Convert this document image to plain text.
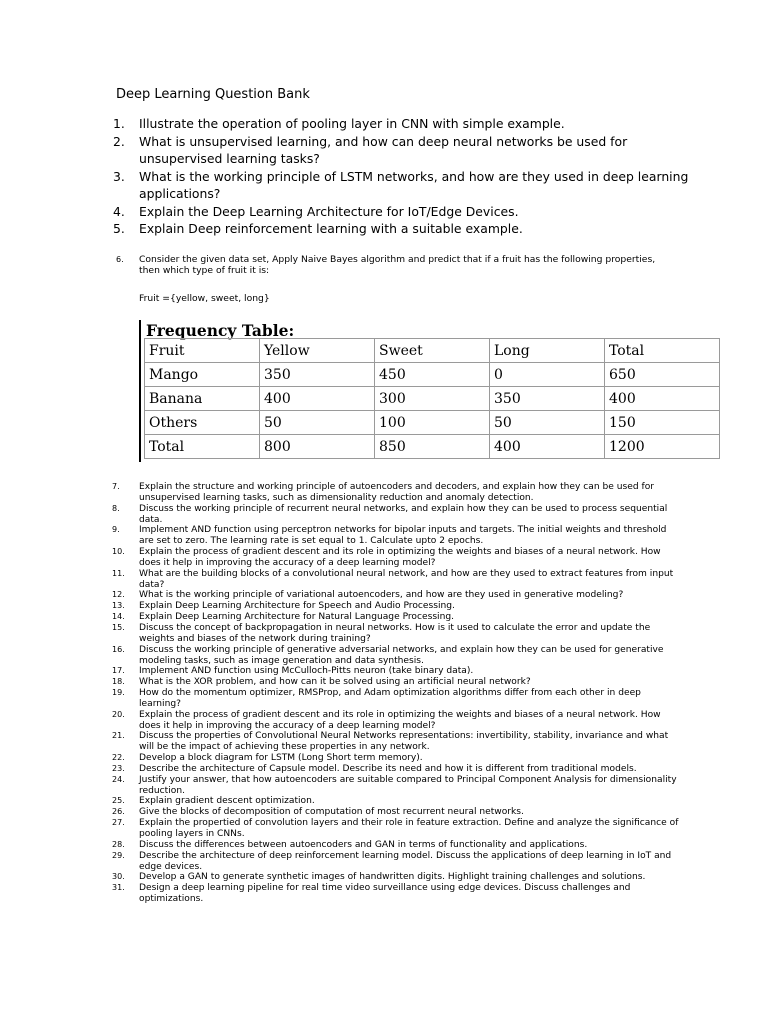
Deep Learning Question Bank
1.	Illustrate the operation of pooling layer in CNN with simple example.
2.	What is unsupervised learning, and how can deep neural networks be used for unsupervised learning tasks?
3.	What is the working principle of LSTM networks, and how are they used in deep learning applications?
4.	Explain the Deep Learning Architecture for IoT/Edge Devices.
5.	Explain Deep reinforcement learning with a suitable example.
6.	Consider the given data set, Apply Naive Bayes algorithm and predict that if a fruit has the following properties, then which type of fruit it is:
Fruit ={yellow, sweet, long}
Frequency Table:
Fruit	Yellow	Sweet	Long	Total
Mango	350	450	0	650
Banana	400	300	350	400
Others	50	100	50	150
Total	800	850	400	1200
7.	Explain the structure and working principle of autoencoders and decoders, and explain how they can be used for unsupervised learning tasks, such as dimensionality reduction and anomaly detection.
8.	Discuss the working principle of recurrent neural networks, and explain how they can be used to process sequential data.
9.	Implement AND function using perceptron networks for bipolar inputs and targets. The initial weights and threshold are set to zero. The learning rate is set equal to 1. Calculate upto 2 epochs.
10.	Explain the process of gradient descent and its role in optimizing the weights and biases of a neural network. How does it help in improving the accuracy of a deep learning model?
11.	What are the building blocks of a convolutional neural network, and how are they used to extract features from input data?
12.	What is the working principle of variational autoencoders, and how are they used in generative modeling?
13.	Explain Deep Learning Architecture for Speech and Audio Processing.
14.	Explain Deep Learning Architecture for Natural Language Processing.
15.	Discuss the concept of backpropagation in neural networks. How is it used to calculate the error and update the weights and biases of the network during training?
16.	Discuss the working principle of generative adversarial networks, and explain how they can be used for generative modeling tasks, such as image generation and data synthesis.
17.	Implement AND function using McCulloch-Pitts neuron (take binary data).
18.	What is the XOR problem, and how can it be solved using an artificial neural network?
19.	How do the momentum optimizer, RMSProp, and Adam optimization algorithms differ from each other in deep learning?
20.	Explain the process of gradient descent and its role in optimizing the weights and biases of a neural network. How does it help in improving the accuracy of a deep learning model?
21.	Discuss the properties of Convolutional Neural Networks representations: invertibility, stability, invariance and what will be the impact of achieving these properties in any network.
22.	Develop a block diagram for LSTM (Long Short term memory).
23.	Describe the architecture of Capsule model. Describe its need and how it is different from traditional models.
24.	Justify your answer, that how autoencoders are suitable compared to Principal Component Analysis for dimensionality reduction.
25.	Explain gradient descent optimization.
26.	Give the blocks of decomposition of computation of most recurrent neural networks.
27.	Explain the propertied of convolution layers and their role in feature extraction. Define and analyze the significance of pooling layers in CNNs.
28.	Discuss the differences between autoencoders and GAN in terms of functionality and applications.
29.	Describe the architecture of deep reinforcement learning model. Discuss the applications of deep learning in IoT and edge devices.
30.	Develop a GAN to generate synthetic images of handwritten digits. Highlight training challenges and solutions.
31.	Design a deep learning pipeline for real time video surveillance using edge devices. Discuss challenges and optimizations.
